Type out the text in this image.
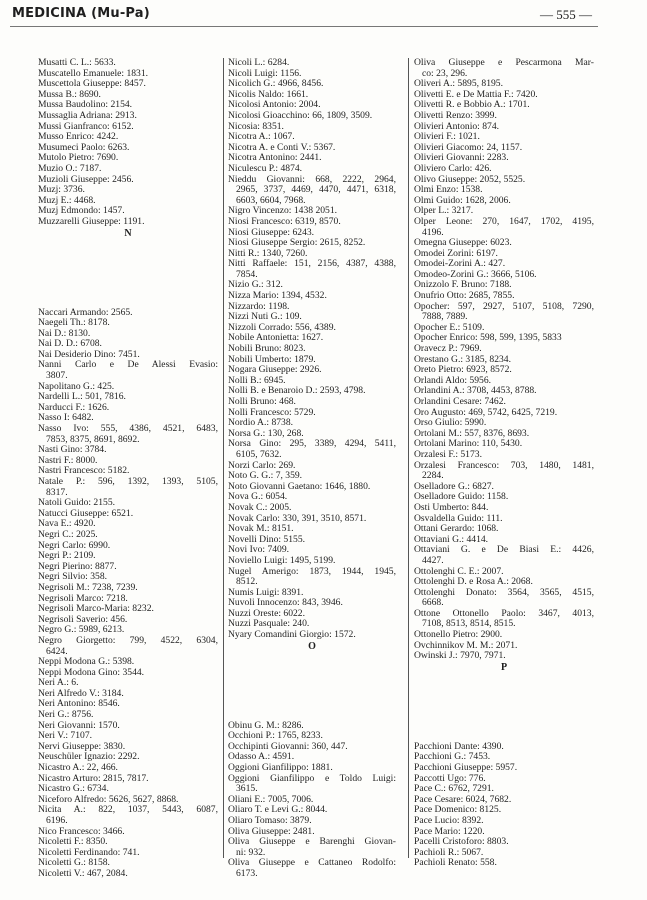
MEDICINA (Mu-Pa)	— 555 —
Musatti C. L.: 5633.
Muscatello Emanuele: 1831.
Muscettola Giuseppe: 8457.
Mussa B.: 8690.
Mussa Baudolino: 2154.
Mussaglia Adriana: 2913.
Mussi Gianfranco: 6152.
Musso Enrico: 4242.
Musumeci Paolo: 6263.
Mutolo Pietro: 7690.
Muzio O.: 7187.
Muzioli Giuseppe: 2456.
Muzj: 3736.
Muzj E.: 4468.
Muzj Edmondo: 1457.
Muzzarelli Giuseppe: 1191.
N
Naccari Armando: 2565.
Naegeli Th.: 8178.
Nai D.: 8130.
Nai D. D.: 6708.
Nai Desiderio Dino: 7451.
Nanni Carlo e De Alessi Evasio:
3807.
Napolitano G.: 425.
Nardelli L.: 501, 7816.
Narducci F.: 1626.
Nasso I: 6482.
Nasso Ivo: 555, 4386, 4521, 6483,
7853, 8375, 8691, 8692.
Nasti Gino: 3784.
Nastri F.: 8000.
Nastri Francesco: 5182.
Natale P.: 596, 1392, 1393, 5105,
8317.
Natoli Guido: 2155.
Natucci Giuseppe: 6521.
Nava E.: 4920.
Negri C.: 2025.
Negri Carlo: 6990.
Negri P.: 2109.
Negri Pierino: 8877.
Negri Silvio: 358.
Negrisoli M.: 7238, 7239.
Negrisoli Marco: 7218.
Negrisoli Marco-Maria: 8232.
Negrisoli Saverio: 456.
Negro G.: 5989, 6213.
Negro Giorgetto: 799, 4522, 6304,
6424.
Neppi Modona G.: 5398.
Neppi Modona Gino: 3544.
Neri A.: 6.
Neri Alfredo V.: 3184.
Neri Antonino: 8546.
Neri G.: 8756.
Neri Giovanni: 1570.
Neri V.: 7107.
Nervi Giuseppe: 3830.
Neuschüler Ignazio: 2292.
Nicastro A.: 22, 466.
Nicastro Arturo: 2815, 7817.
Nicastro G.: 6734.
Niceforo Alfredo: 5626, 5627, 8868.
Nicita A.: 822, 1037, 5443, 6087,
6196.
Nico Francesco: 3466.
Nicoletti F.: 8350.
Nicoletti Ferdinando: 741.
Nicoletti G.: 8158.
Nicoletti V.: 467, 2084.
Nicoli L.: 6284.
Nicoli Luigi: 1156.
Nicolich G.: 4966, 8456.
Nicolis Naldo: 1661.
Nicolosi Antonio: 2004.
Nicolosi Gioacchino: 66, 1809, 3509.
Nicosia: 8351.
Nicotra A.: 1067.
Nicotra A. e Conti V.: 5367.
Nicotra Antonino: 2441.
Niculescu P.: 4874.
Nieddu Giovanni: 668, 2222, 2964,
2965, 3737, 4469, 4470, 4471, 6318,
6603, 6604, 7968.
Nigro Vincenzo: 1438 2051.
Niosi Francesco: 6319, 8570.
Niosi Giuseppe: 6243.
Niosi Giuseppe Sergio: 2615, 8252.
Nitti R.: 1340, 7260.
Nitti Raffaele: 151, 2156, 4387, 4388,
7854.
Nizio G.: 312.
Nizza Mario: 1394, 4532.
Nizzardo: 1198.
Nizzi Nuti G.: 109.
Nizzoli Corrado: 556, 4389.
Nobile Antonietta: 1627.
Nobili Bruno: 8023.
Nobili Umberto: 1879.
Nogara Giuseppe: 2926.
Nolli B.: 6945.
Nolli B. e Benaroio D.: 2593, 4798.
Nolli Bruno: 468.
Nolli Francesco: 5729.
Nordio A.: 8738.
Norsa G.: 130, 268.
Norsa Gino: 295, 3389, 4294, 5411,
6105, 7632.
Norzi Carlo: 269.
Noto G. G.: 7, 359.
Noto Giovanni Gaetano: 1646, 1880.
Nova G.: 6054.
Novak C.: 2005.
Novak Carlo: 330, 391, 3510, 8571.
Novak M.: 8151.
Novelli Dino: 5155.
Novi Ivo: 7409.
Noviello Luigi: 1495, 5199.
Nugel Amerigo: 1873, 1944, 1945,
8512.
Numis Luigi: 8391.
Nuvoli Innocenzo: 843, 3946.
Nuzzi Oreste: 6022.
Nuzzi Pasquale: 240.
Nyary Comandini Giorgio: 1572.
O
Obinu G. M.: 8286.
Occhioni P.: 1765, 8233.
Occhipinti Giovanni: 360, 447.
Odasso A.: 4591.
Oggioni Gianfilippo: 1881.
Oggioni Gianfilippo e Toldo Luigi:
3615.
Oliani E.: 7005, 7006.
Oliaro T. e Levi G.: 8044.
Oliaro Tomaso: 3879.
Oliva Giuseppe: 2481.
Oliva Giuseppe e Barenghi Giovan-
ni: 932.
Oliva Giuseppe e Cattaneo Rodolfo:
6173.
Oliva Giuseppe e Pescarmona Mar-
co: 23, 296.
Oliveri A.: 5895, 8195.
Olivetti E. e De Mattia F.: 7420.
Olivetti R. e Bobbio A.: 1701.
Olivetti Renzo: 3999.
Olivieri Antonio: 874.
Olivieri F.: 1021.
Olivieri Giacomo: 24, 1157.
Olivieri Giovanni: 2283.
Oliviero Carlo: 426.
Olivo Giuseppe: 2052, 5525.
Olmi Enzo: 1538.
Olmi Guido: 1628, 2006.
Olper L.: 3217.
Olper Leone: 270, 1647, 1702, 4195,
4196.
Omegna Giuseppe: 6023.
Omodei Zorini: 6197.
Omodei-Zorini A.: 427.
Omodeo-Zorini G.: 3666, 5106.
Onizzolo F. Bruno: 7188.
Onufrio Otto: 2685, 7855.
Opocher: 597, 2927, 5107, 5108, 7290,
7888, 7889.
Opocher E.: 5109.
Opocher Enrico: 598, 599, 1395, 5833
Oravecz P.: 7969.
Orestano G.: 3185, 8234.
Oreto Pietro: 6923, 8572.
Orlandi Aldo: 5956.
Orlandini A.: 3708, 4453, 8788.
Orlandini Cesare: 7462.
Oro Augusto: 469, 5742, 6425, 7219.
Orso Giulio: 5990.
Ortolani M.: 557, 8376, 8693.
Ortolani Marino: 110, 5430.
Orzalesi F.: 5173.
Orzalesi Francesco: 703, 1480, 1481,
2284.
Oselladore G.: 6827.
Oselladore Guido: 1158.
Osti Umberto: 844.
Osvaldella Guido: 111.
Ottani Gerardo: 1068.
Ottaviani G.: 4414.
Ottaviani G. e De Biasi E.: 4426,
4427.
Ottolenghi C. E.: 2007.
Ottolenghi D. e Rosa A.: 2068.
Ottolenghi Donato: 3564, 3565, 4515,
6668.
Ottone Ottonello Paolo: 3467, 4013,
7108, 8513, 8514, 8515.
Ottonello Pietro: 2900.
Ovchinnikov M. M.: 2071.
Owinski J.: 7970, 7971.
P
Pacchioni Dante: 4390.
Pacchioni G.: 7453.
Pacchioni Giuseppe: 5957.
Paccotti Ugo: 776.
Pace C.: 6762, 7291.
Pace Cesare: 6024, 7682.
Pace Domenico: 8125.
Pace Lucio: 8392.
Pace Mario: 1220.
Pacelli Cristoforo: 8803.
Pachioli R.: 5067.
Pachioli Renato: 558.
